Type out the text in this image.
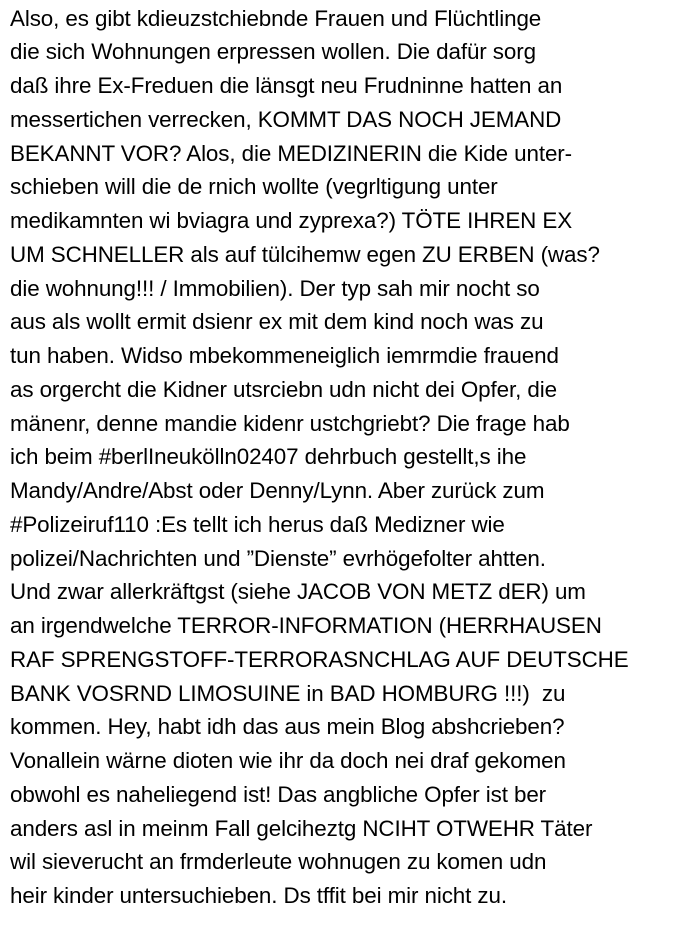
Also, es gibt kdieuzstchiebnde Frauen und Flüchtlinge
die sich Wohnungen erpressen wollen. Die dafür sorg
daß ihre Ex-Freduen die länsgt neu Frudninne hatten an
messertichen verrecken, KOMMT DAS NOCH JEMAND
BEKANNT VOR? Alos, die MEDIZINERIN die Kide unter-
schieben will die de rnich wollte (vegrltigung unter
medikamnten wi bviagra und zyprexa?) TÖTE IHREN EX
UM SCHNELLER als auf tülcihemw egen ZU ERBEN (was?
die wohnung!!! / Immobilien). Der typ sah mir nocht so
aus als wollt ermit dsienr ex mit dem kind noch was zu
tun haben. Widso mbekommeneiglich iemrmdie frauend
as orgercht die Kidner utsrciebn udn nicht dei Opfer, die
mänenr, denne mandie kidenr ustchgriebt? Die frage hab
ich beim #berlIneukölln02407 dehrbuch gestellt,s ihe
Mandy/Andre/Abst oder Denny/Lynn. Aber zurück zum
#Polizeiruf110 :Es tellt ich herus daß Medizner wie
polizei/Nachrichten und ”Dienste” evrhögefolter ahtten.
Und zwar allerkräftgst (siehe JACOB VON METZ dER) um
an irgendwelche TERROR-INFORMATION (HERRHAUSEN
RAF SPRENGSTOFF-TERRORASNCHLAG AUF DEUTSCHE
BANK VOSRND LIMOSUINE in BAD HOMBURG !!!)  zu
kommen. Hey, habt idh das aus mein Blog abshcrieben?
Vonallein wärne dioten wie ihr da doch nei draf gekomen
obwohl es naheliegend ist! Das angbliche Opfer ist ber
anders asl in meinm Fall gelciheztg NCIHT OTWEHR Täter
wil sieverucht an frmderleute wohnugen zu komen udn
heir kinder untersuchieben. Ds tffit bei mir nicht zu.
